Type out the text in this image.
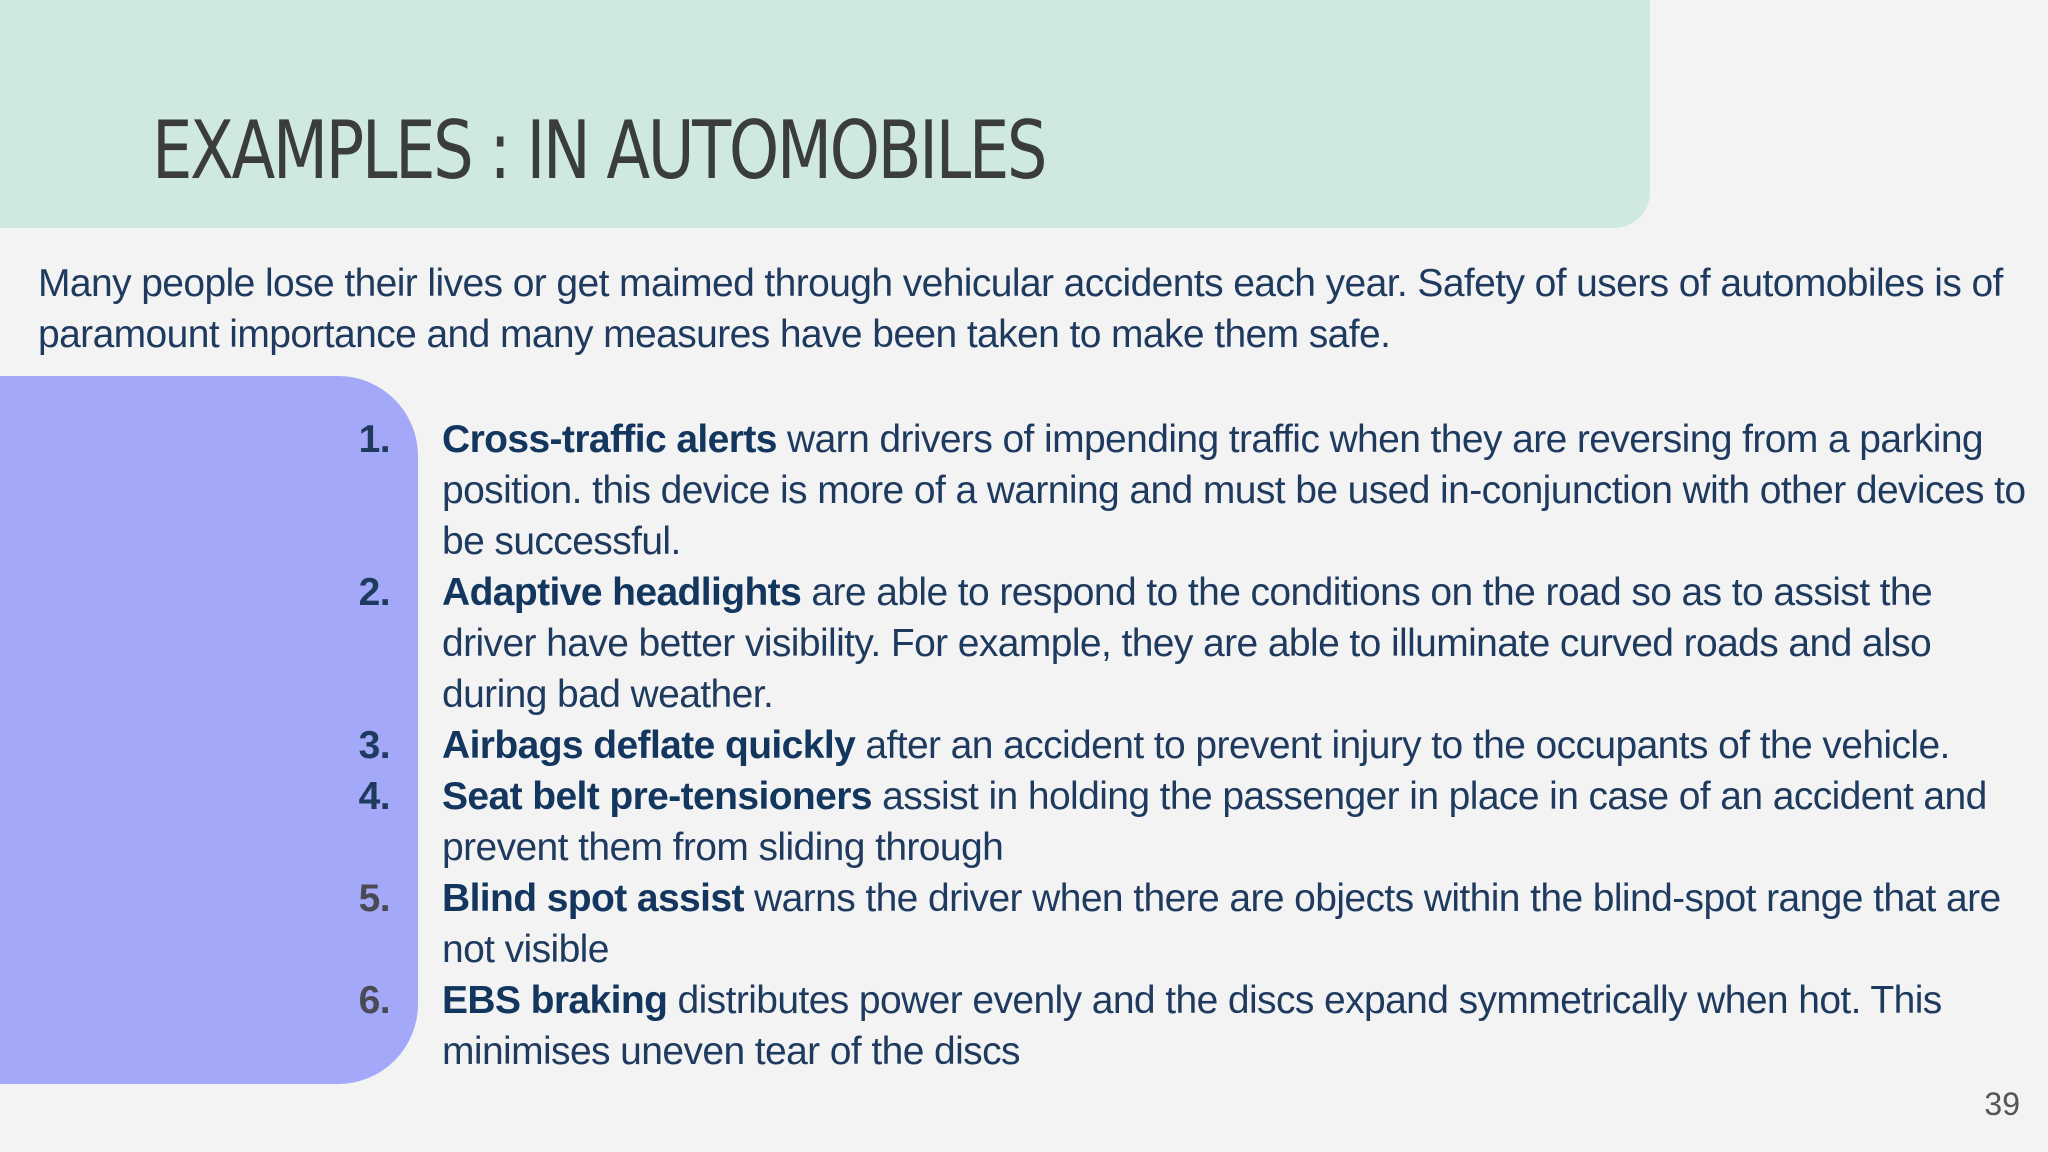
EXAMPLES : IN AUTOMOBILES

Many people lose their lives or get maimed through vehicular accidents each year. Safety of users of automobiles is of paramount importance and many measures have been taken to make them safe.

1. Cross-traffic alerts warn drivers of impending traffic when they are reversing from a parking position. this device is more of a warning and must be used in-conjunction with other devices to be successful.
2. Adaptive headlights are able to respond to the conditions on the road so as to assist the driver have better visibility. For example, they are able to illuminate curved roads and also during bad weather.
3. Airbags deflate quickly after an accident to prevent injury to the occupants of the vehicle.
4. Seat belt pre-tensioners assist in holding the passenger in place in case of an accident and prevent them from sliding through
5. Blind spot assist warns the driver when there are objects within the blind-spot range that are not visible
6. EBS braking distributes power evenly and the discs expand symmetrically when hot. This minimises uneven tear of the discs
39
